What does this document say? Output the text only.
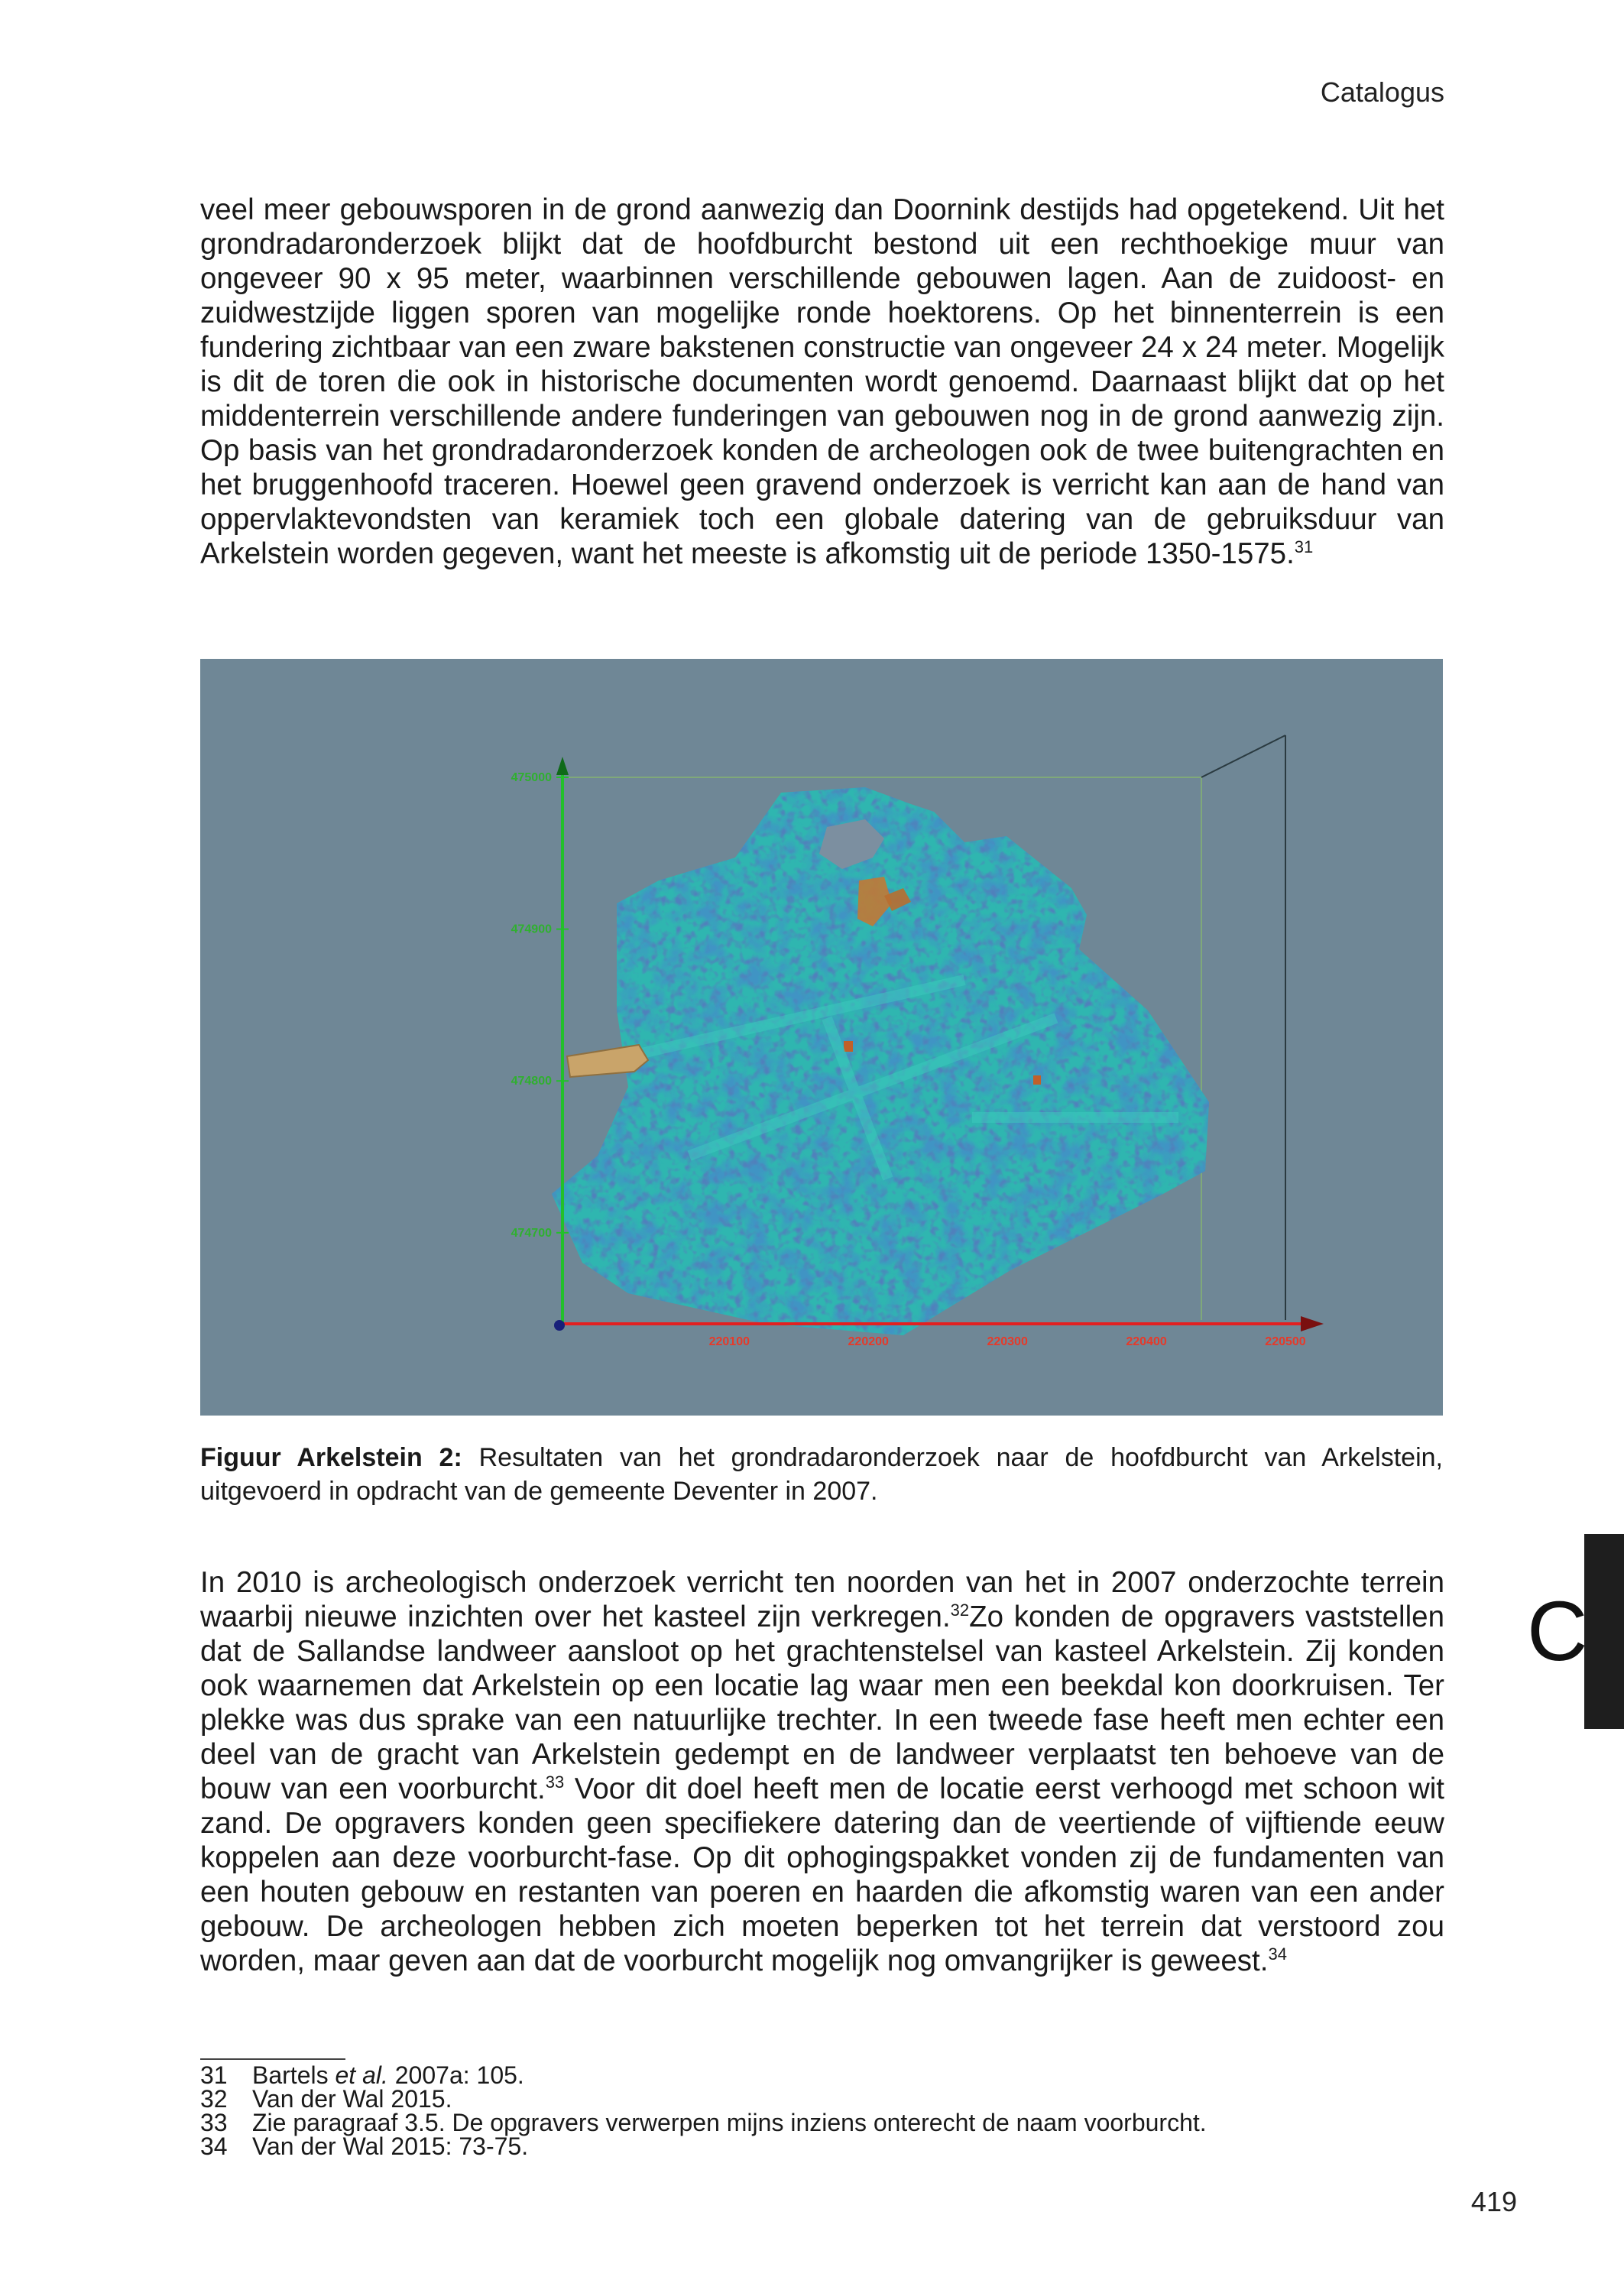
Catalogus

veel meer gebouwsporen in de grond aanwezig dan Doornink destijds had opgetekend. Uit het grondradaronderzoek blijkt dat de hoofdburcht bestond uit een rechthoekige muur van ongeveer 90 x 95 meter, waarbinnen verschillende gebouwen lagen. Aan de zuidoost- en zuidwestzijde liggen sporen van mogelijke ronde hoektorens. Op het binnenterrein is een fundering zichtbaar van een zware bakstenen constructie van ongeveer 24 x 24 meter. Mogelijk is dit de toren die ook in historische documenten wordt genoemd. Daarnaast blijkt dat op het middenterrein verschillende andere funderingen van gebouwen nog in de grond aanwezig zijn. Op basis van het grondradaronderzoek konden de archeologen ook de twee buitengrachten en het bruggenhoofd traceren. Hoewel geen gravend onderzoek is verricht kan aan de hand van oppervlaktevondsten van keramiek toch een globale datering van de gebruiksduur van Arkelstein worden gegeven, want het meeste is afkomstig uit de periode 1350-1575.31

220100	220200	220300	220400	220500
475000
474900
474800
474700

Figuur Arkelstein 2: Resultaten van het grondradaronderzoek naar de hoofdburcht van Arkelstein, uitgevoerd in opdracht van de gemeente Deventer in 2007.

In 2010 is archeologisch onderzoek verricht ten noorden van het in 2007 onderzochte terrein waarbij nieuwe inzichten over het kasteel zijn verkregen.$^{32}$Zo konden de opgravers vaststellen dat de Sallandse landweer aansloot op het grachtenstelsel van kasteel Arkelstein. Zij konden ook waarnemen dat Arkelstein op een locatie lag waar men een beekdal kon doorkruisen. Ter plekke was dus sprake van een natuurlijke trechter. In een tweede fase heeft men echter een deel van de gracht van Arkelstein gedempt en de landweer verplaatst ten behoeve van de bouw van een voorburcht.$^{33}$ Voor dit doel heeft men de locatie eerst verhoogd met schoon wit zand. De opgravers konden geen specifiekere datering dan de veertiende of vijftiende eeuw koppelen aan deze voorburcht-fase. Op dit ophogingspakket vonden zij de fundamenten van een houten gebouw en restanten van poeren en haarden die afkomstig waren van een ander gebouw. De archeologen hebben zich moeten beperken tot het terrein dat verstoord zou worden, maar geven aan dat de voorburcht mogelijk nog omvangrijker is geweest.$^{34}$

C
31	Bartels et al. 2007a: 105.
32	Van der Wal 2015.
33	Zie paragraaf 3.5. De opgravers verwerpen mijns inziens onterecht de naam voorburcht.
34	Van der Wal 2015: 73-75.
419
